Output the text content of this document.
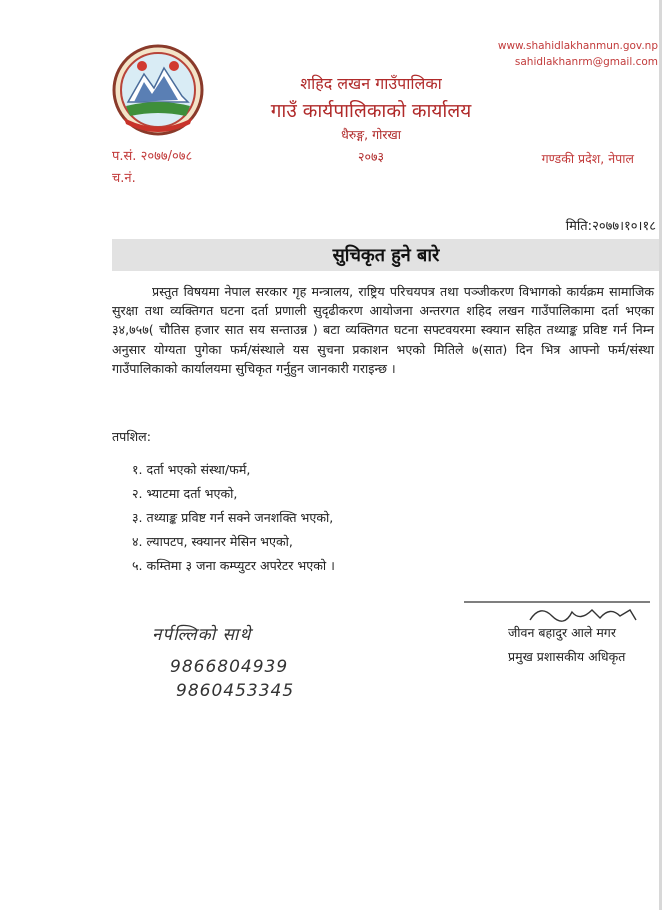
www.shahidlakhanmun.gov.np
sahidlakhanrm@gmail.com
शहिद लखन गाउँपालिका
गाउँ कार्यपालिकाको कार्यालय
धैरुङ्ग, गोरखा
२०७३
प.सं. २०७७/०७८
च.नं.
गण्डकी प्रदेश, नेपाल
मिति:२०७७।१०।१८
सुचिकृत हुने बारे

प्रस्तुत विषयमा नेपाल सरकार गृह मन्त्रालय, राष्ट्रिय परिचयपत्र तथा पञ्जीकरण विभागको कार्यक्रम सामाजिक सुरक्षा तथा व्यक्तिगत घटना दर्ता प्रणाली सुदृढीकरण आयोजना अन्तरगत शहिद लखन गाउँपालिकामा दर्ता भएका ३४,७५७( चौतिस हजार सात सय सन्ताउन्न ) बटा व्यक्तिगत घटना सफ्टवयरमा स्क्यान सहित तथ्याङ्क प्रविष्ट गर्न निम्न अनुसार योग्यता पुगेका फर्म/संस्थाले यस सुचना प्रकाशन भएको मितिले ७(सात) दिन भित्र आफ्नो फर्म/संस्था गाउँपालिकाको कार्यालयमा सुचिकृत गर्नुहुन जानकारी गराइन्छ ।

तपशिल:
१. दर्ता भएको संस्था/फर्म,
२. भ्याटमा दर्ता भएको,
३. तथ्याङ्क प्रविष्ट गर्न सक्ने जनशक्ति भएको,
४. ल्यापटप, स्क्यानर मेसिन भएको,
५. कम्तिमा ३ जना कम्प्युटर अपरेटर भएको ।
जीवन बहादुर आले मगर
प्रमुख प्रशासकीय अधिकृत
नर्पल्लिको साथे
9866804939
9860453345
